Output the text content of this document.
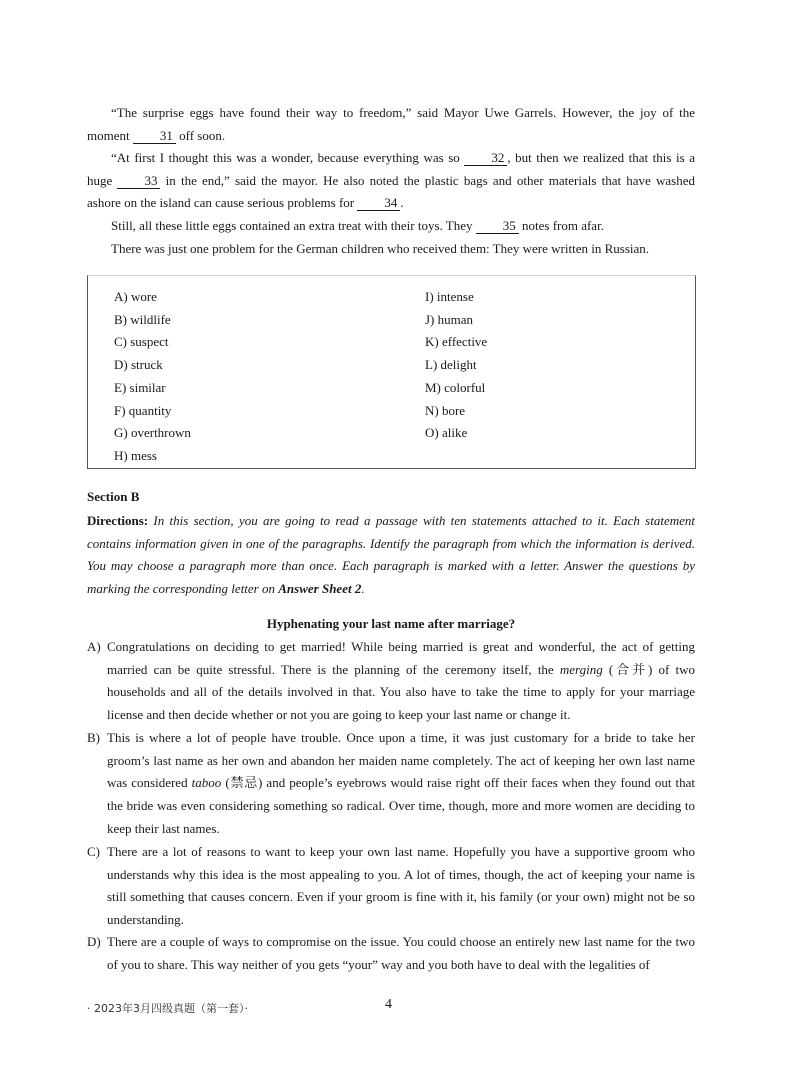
“The surprise eggs have found their way to freedom,” said Mayor Uwe Garrels. However, the joy of the moment 31 off soon.
“At first I thought this was a wonder, because everything was so 32 , but then we realized that this is a huge 33 in the end,” said the mayor. He also noted the plastic bags and other materials that have washed ashore on the island can cause serious problems for 34 .
Still, all these little eggs contained an extra treat with their toys. They 35 notes from afar.
There was just one problem for the German children who received them: They were written in Russian.
A) wore
B) wildlife
C) suspect
D) struck
E) similar
F) quantity
G) overthrown
H) mess
I) intense
J) human
K) effective
L) delight
M) colorful
N) bore
O) alike
Section B
Directions: In this section, you are going to read a passage with ten statements attached to it. Each statement contains information given in one of the paragraphs. Identify the paragraph from which the information is derived. You may choose a paragraph more than once. Each paragraph is marked with a letter. Answer the questions by marking the corresponding letter on Answer Sheet 2.
Hyphenating your last name after marriage?
A) Congratulations on deciding to get married! While being married is great and wonderful, the act of getting married can be quite stressful. There is the planning of the ceremony itself, the merging (合并) of two households and all of the details involved in that. You also have to take the time to apply for your marriage license and then decide whether or not you are going to keep your last name or change it.
B) This is where a lot of people have trouble. Once upon a time, it was just customary for a bride to take her groom’s last name as her own and abandon her maiden name completely. The act of keeping her own last name was considered taboo (禁忌) and people’s eyebrows would raise right off their faces when they found out that the bride was even considering something so radical. Over time, though, more and more women are deciding to keep their last names.
C) There are a lot of reasons to want to keep your own last name. Hopefully you have a supportive groom who understands why this idea is the most appealing to you. A lot of times, though, the act of keeping your name is still something that causes concern. Even if your groom is fine with it, his family (or your own) might not be so understanding.
D) There are a couple of ways to compromise on the issue. You could choose an entirely new last name for the two of you to share. This way neither of you gets “your” way and you both have to deal with the legalities of
· 2023年3月四级真题（第一套）·	4
